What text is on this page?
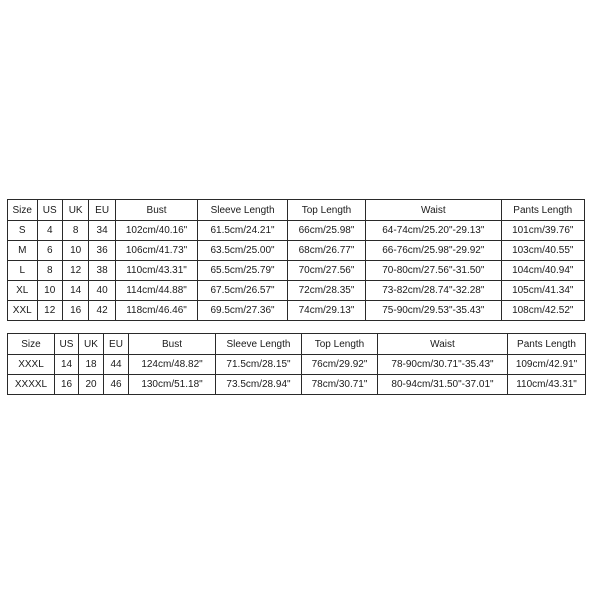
Size	US	UK	EU	Bust	Sleeve Length	Top Length	Waist	Pants Length
S	4	8	34	102cm/40.16"	61.5cm/24.21"	66cm/25.98"	64-74cm/25.20"-29.13"	101cm/39.76"
M	6	10	36	106cm/41.73"	63.5cm/25.00"	68cm/26.77"	66-76cm/25.98"-29.92"	103cm/40.55"
L	8	12	38	110cm/43.31"	65.5cm/25.79"	70cm/27.56"	70-80cm/27.56"-31.50"	104cm/40.94"
XL	10	14	40	114cm/44.88"	67.5cm/26.57"	72cm/28.35"	73-82cm/28.74"-32.28"	105cm/41.34"
XXL	12	16	42	118cm/46.46"	69.5cm/27.36"	74cm/29.13"	75-90cm/29.53"-35.43"	108cm/42.52"
Size	US	UK	EU	Bust	Sleeve Length	Top Length	Waist	Pants Length
XXXL	14	18	44	124cm/48.82"	71.5cm/28.15"	76cm/29.92"	78-90cm/30.71"-35.43"	109cm/42.91"
XXXXL	16	20	46	130cm/51.18"	73.5cm/28.94"	78cm/30.71"	80-94cm/31.50"-37.01"	110cm/43.31"
